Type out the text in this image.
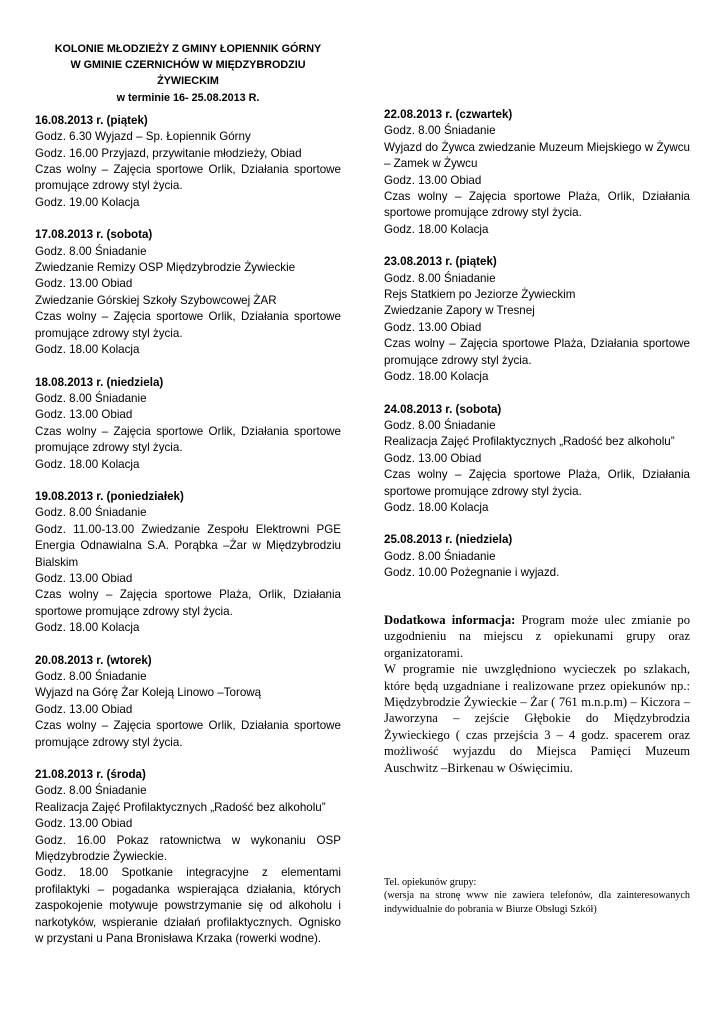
KOLONIE MŁODZIEŻY Z GMINY ŁOPIENNIK GÓRNY
W GMINIE CZERNICHÓW W MIĘDZYBRODZIU
ŻYWIECKIM
w terminie 16- 25.08.2013 R.
16.08.2013 r. (piątek)
Godz. 6.30 Wyjazd – Sp. Łopiennik Górny
Godz. 16.00 Przyjazd, przywitanie młodzieży, Obiad
Czas wolny – Zajęcia sportowe Orlik, Działania sportowe promujące zdrowy styl życia.
Godz. 19.00 Kolacja
17.08.2013 r. (sobota)
Godz. 8.00 Śniadanie
Zwiedzanie Remizy OSP Międzybrodzie Żywieckie
Godz. 13.00 Obiad
Zwiedzanie Górskiej Szkoły Szybowcowej ŻAR
Czas wolny – Zajęcia sportowe Orlik, Działania sportowe promujące zdrowy styl życia.
Godz. 18.00 Kolacja
18.08.2013 r. (niedziela)
Godz. 8.00 Śniadanie
Godz. 13.00 Obiad
Czas wolny – Zajęcia sportowe Orlik, Działania sportowe promujące zdrowy styl życia.
Godz. 18.00 Kolacja
19.08.2013 r. (poniedziałek)
Godz. 8.00 Śniadanie
Godz. 11.00-13.00 Zwiedzanie Zespołu Elektrowni PGE Energia Odnawialna S.A. Porąbka –Żar w Międzybrodziu Bialskim
Godz. 13.00 Obiad
Czas wolny – Zajęcia sportowe Plaża, Orlik, Działania sportowe promujące zdrowy styl życia.
Godz. 18.00 Kolacja
20.08.2013 r. (wtorek)
Godz. 8.00 Śniadanie
Wyjazd na Górę Żar Koleją Linowo –Torową
Godz. 13.00 Obiad
Czas wolny – Zajęcia sportowe Orlik, Działania sportowe promujące zdrowy styl życia.
21.08.2013 r. (środa)
Godz. 8.00 Śniadanie
Realizacja Zajęć Profilaktycznych „Radość bez alkoholu”
Godz. 13.00 Obiad
Godz. 16.00 Pokaz ratownictwa w wykonaniu OSP Międzybrodzie Żywieckie.
Godz. 18.00 Spotkanie integracyjne z elementami profilaktyki – pogadanka wspierająca działania, których zaspokojenie motywuje powstrzymanie się od alkoholu i narkotyków, wspieranie działań profilaktycznych. Ognisko w przystani u Pana Bronisława Krzaka (rowerki wodne).
22.08.2013 r. (czwartek)
Godz. 8.00 Śniadanie
Wyjazd do Żywca zwiedzanie Muzeum Miejskiego w Żywcu – Zamek w Żywcu
Godz. 13.00 Obiad
Czas wolny – Zajęcia sportowe Plaża, Orlik, Działania sportowe promujące zdrowy styl życia.
Godz. 18.00 Kolacja
23.08.2013 r. (piątek)
Godz. 8.00 Śniadanie
Rejs Statkiem po Jeziorze Żywieckim
Zwiedzanie Zapory w Tresnej
Godz. 13.00 Obiad
Czas wolny – Zajęcia sportowe Plaża, Działania sportowe promujące zdrowy styl życia.
Godz. 18.00 Kolacja
24.08.2013 r. (sobota)
Godz. 8.00 Śniadanie
Realizacja Zajęć Profilaktycznych „Radość bez alkoholu”
Godz. 13.00 Obiad
Czas wolny – Zajęcia sportowe Plaża, Orlik, Działania sportowe promujące zdrowy styl życia.
Godz. 18.00 Kolacja
25.08.2013 r. (niedziela)
Godz. 8.00 Śniadanie
Godz. 10.00 Pożegnanie i wyjazd.

Dodatkowa informacja: Program może ulec zmianie po uzgodnieniu na miejscu z opiekunami grupy oraz organizatorami.

W programie nie uwzględniono wycieczek po szlakach, które będą uzgadniane i realizowane przez opiekunów np.: Międzybrodzie Żywieckie – Żar ( 761 m.n.p.m) – Kiczora – Jaworzyna – zejście Głębokie do Międzybrodzia Żywieckiego ( czas przejścia 3 – 4 godz. spacerem oraz możliwość wyjazdu do Miejsca Pamięci Muzeum Auschwitz –Birkenau w Oświęcimiu.

Tel. opiekunów grupy:

(wersja na stronę www nie zawiera telefonów, dla zainteresowanych indywidualnie do pobrania w Biurze Obsługi Szkół)
